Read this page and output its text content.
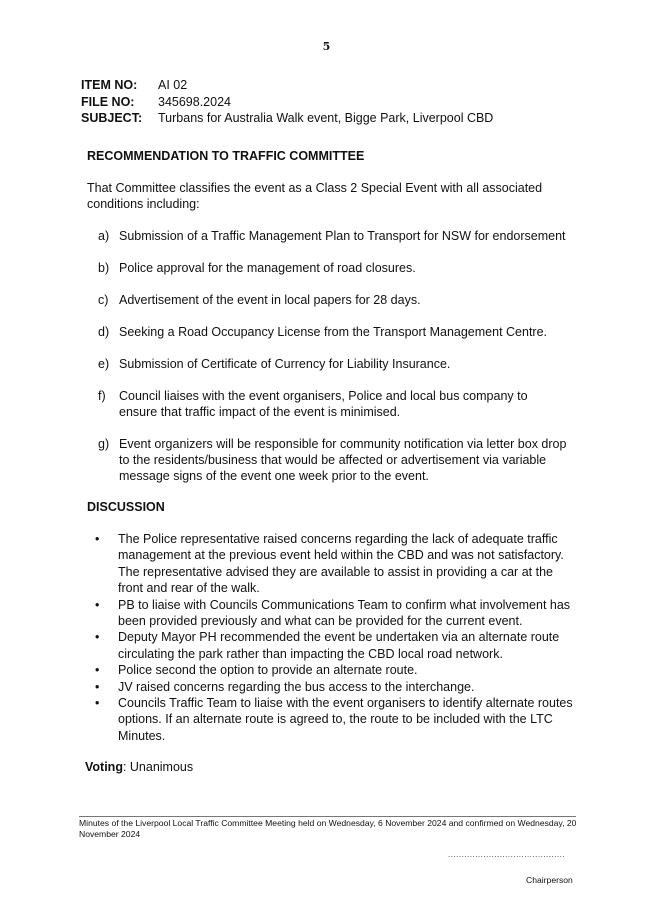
5
ITEM NO:	AI 02
FILE NO:	345698.2024
SUBJECT:	Turbans for Australia Walk event, Bigge Park, Liverpool CBD
RECOMMENDATION TO TRAFFIC COMMITTEE
That Committee classifies the event as a Class 2 Special Event with all associated conditions including:
a) Submission of a Traffic Management Plan to Transport for NSW for endorsement
b) Police approval for the management of road closures.
c) Advertisement of the event in local papers for 28 days.
d) Seeking a Road Occupancy License from the Transport Management Centre.
e) Submission of Certificate of Currency for Liability Insurance.
f)	Council liaises with the event organisers, Police and local bus company to ensure that traffic impact of the event is minimised.
g) Event organizers will be responsible for community notification via letter box drop to the residents/business that would be affected or advertisement via variable message signs of the event one week prior to the event.
DISCUSSION
•	The Police representative raised concerns regarding the lack of adequate traffic management at the previous event held within the CBD and was not satisfactory. The representative advised they are available to assist in providing a car at the front and rear of the walk.
•	PB to liaise with Councils Communications Team to confirm what involvement has been provided previously and what can be provided for the current event.
•	Deputy Mayor PH recommended the event be undertaken via an alternate route circulating the park rather than impacting the CBD local road network.
•	Police second the option to provide an alternate route.
•	JV raised concerns regarding the bus access to the interchange.
•	Councils Traffic Team to liaise with the event organisers to identify alternate routes options. If an alternate route is agreed to, the route to be included with the LTC Minutes.
Voting: Unanimous
Minutes of the Liverpool Local Traffic Committee Meeting held on Wednesday, 6 November 2024 and confirmed on Wednesday, 20 November 2024
...........................................
Chairperson
